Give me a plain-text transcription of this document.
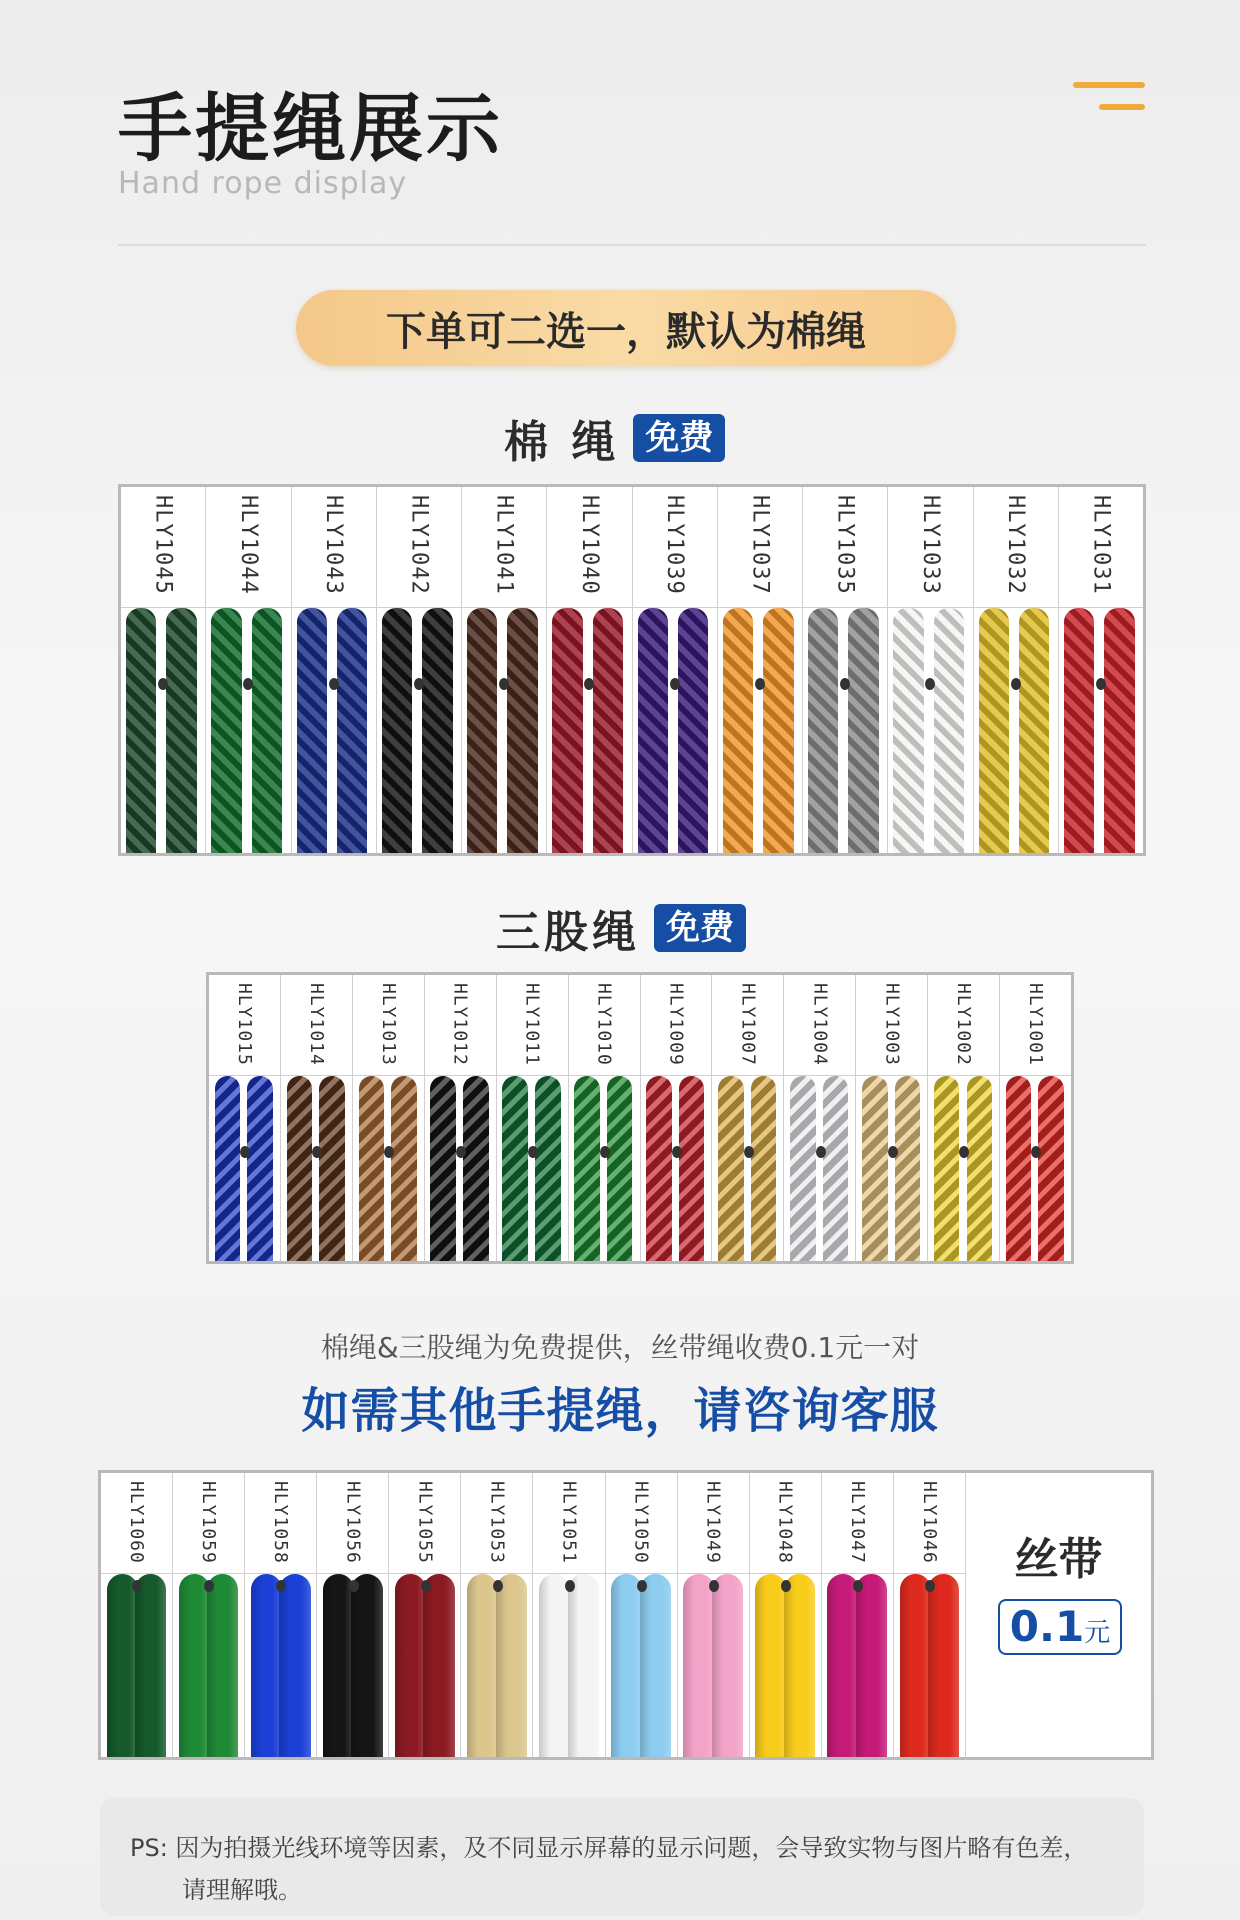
手提绳展示
Hand rope display
下单可二选一，默认为棉绳
棉 绳 免费
HLY1045	HLY1044	HLY1043	HLY1042	HLY1041	HLY1040	HLY1039	HLY1037	HLY1035	HLY1033	HLY1032	HLY1031
三股绳 免费
HLY1015	HLY1014	HLY1013	HLY1012	HLY1011	HLY1010	HLY1009	HLY1007	HLY1004	HLY1003	HLY1002	HLY1001
棉绳&三股绳为免费提供，丝带绳收费0.1元一对
如需其他手提绳，请咨询客服
HLY1060	HLY1059	HLY1058	HLY1056	HLY1055	HLY1053	HLY1051	HLY1050	HLY1049	HLY1048	HLY1047	HLY1046	丝带
0.1 元
PS: 因为拍摄光线环境等因素，及不同显示屏幕的显示问题，会导致实物与图片略有色差，
请理解哦。
